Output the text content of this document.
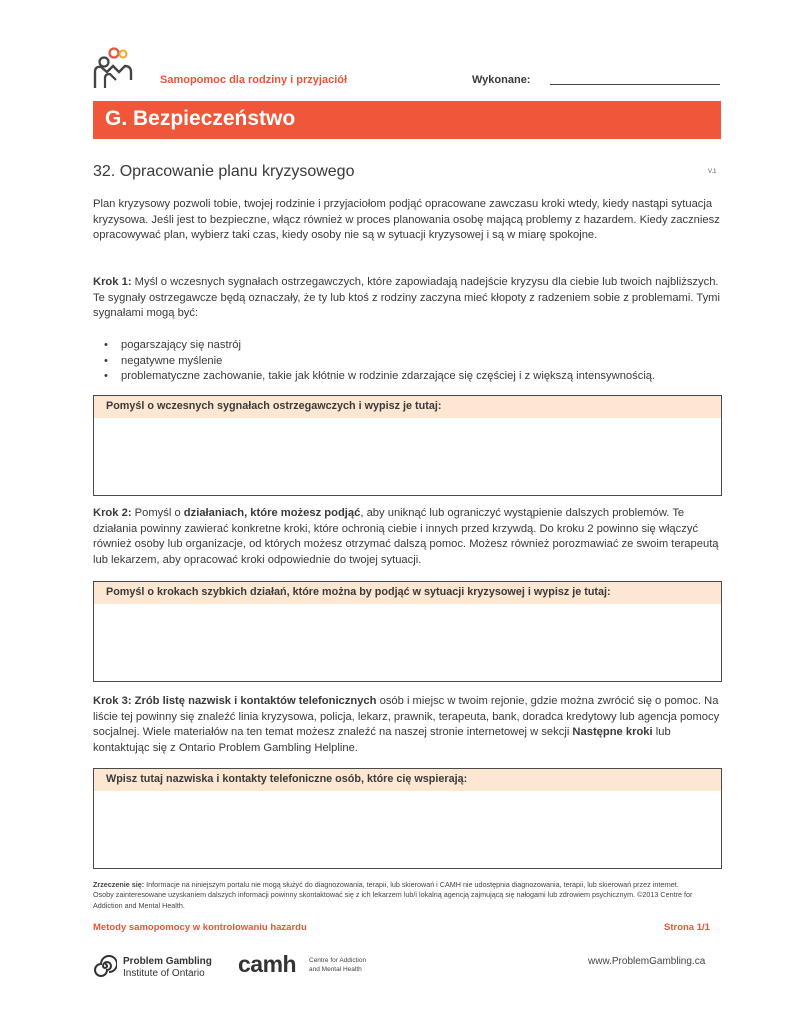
Samopomoc dla rodziny i przyjaciół	Wykonane:
G. Bezpieczeństwo
32. Opracowanie planu kryzysowego	V.1
Plan kryzysowy pozwoli tobie, twojej rodzinie i przyjaciołom podjąć opracowane zawczasu kroki wtedy, kiedy nastąpi sytuacja kryzysowa. Jeśli jest to bezpieczne, włącz również w proces planowania osobę mającą problemy z hazardem. Kiedy zaczniesz opracowywać plan, wybierz taki czas, kiedy osoby nie są w sytuacji kryzysowej i są w miarę spokojne.
Krok 1: Myśl o wczesnych sygnałach ostrzegawczych, które zapowiadają nadejście kryzysu dla ciebie lub twoich najbliższych. Te sygnały ostrzegawcze będą oznaczały, że ty lub ktoś z rodziny zaczyna mieć kłopoty z radzeniem sobie z problemami. Tymi sygnałami mogą być:
• pogarszający się nastrój
• negatywne myślenie
• problematyczne zachowanie, takie jak kłótnie w rodzinie zdarzające się częściej i z większą intensywnością.
Pomyśl o wczesnych sygnałach ostrzegawczych i wypisz je tutaj:
Krok 2: Pomyśl o działaniach, które możesz podjąć, aby uniknąć lub ograniczyć wystąpienie dalszych problemów. Te działania powinny zawierać konkretne kroki, które ochronią ciebie i innych przed krzywdą. Do kroku 2 powinno się włączyć również osoby lub organizacje, od których możesz otrzymać dalszą pomoc. Możesz również porozmawiać ze swoim terapeutą lub lekarzem, aby opracować kroki odpowiednie do twojej sytuacji.
Pomyśl o krokach szybkich działań, które można by podjąć w sytuacji kryzysowej i wypisz je tutaj:
Krok 3: Zrób listę nazwisk i kontaktów telefonicznych osób i miejsc w twoim rejonie, gdzie można zwrócić się o pomoc. Na liście tej powinny się znaleźć linia kryzysowa, policja, lekarz, prawnik, terapeuta, bank, doradca kredytowy lub agencja pomocy socjalnej. Wiele materiałów na ten temat możesz znaleźć na naszej stronie internetowej w sekcji Następne kroki lub kontaktując się z Ontario Problem Gambling Helpline.
Wpisz tutaj nazwiska i kontakty telefoniczne osób, które cię wspierają:
Zrzeczenie się: Informacje na niniejszym portalu nie mogą służyć do diagnozowania, terapii, lub skierowań i CAMH nie udostępnia diagnozowania, terapii, lub skierowań przez internet. Osoby zainteresowane uzyskaniem dalszych informacji powinny skontaktować się z ich lekarzem lub/i lokalną agencją zajmującą się nałogami lub zdrowiem psychicznym. ©2013 Centre for Addiction and Mental Health.
Metody samopomocy w kontrolowaniu hazardu	Strona 1/1
Problem Gambling
Institute of Ontario camh Centre for Addiction
and Mental Health
www.ProblemGambling.ca
